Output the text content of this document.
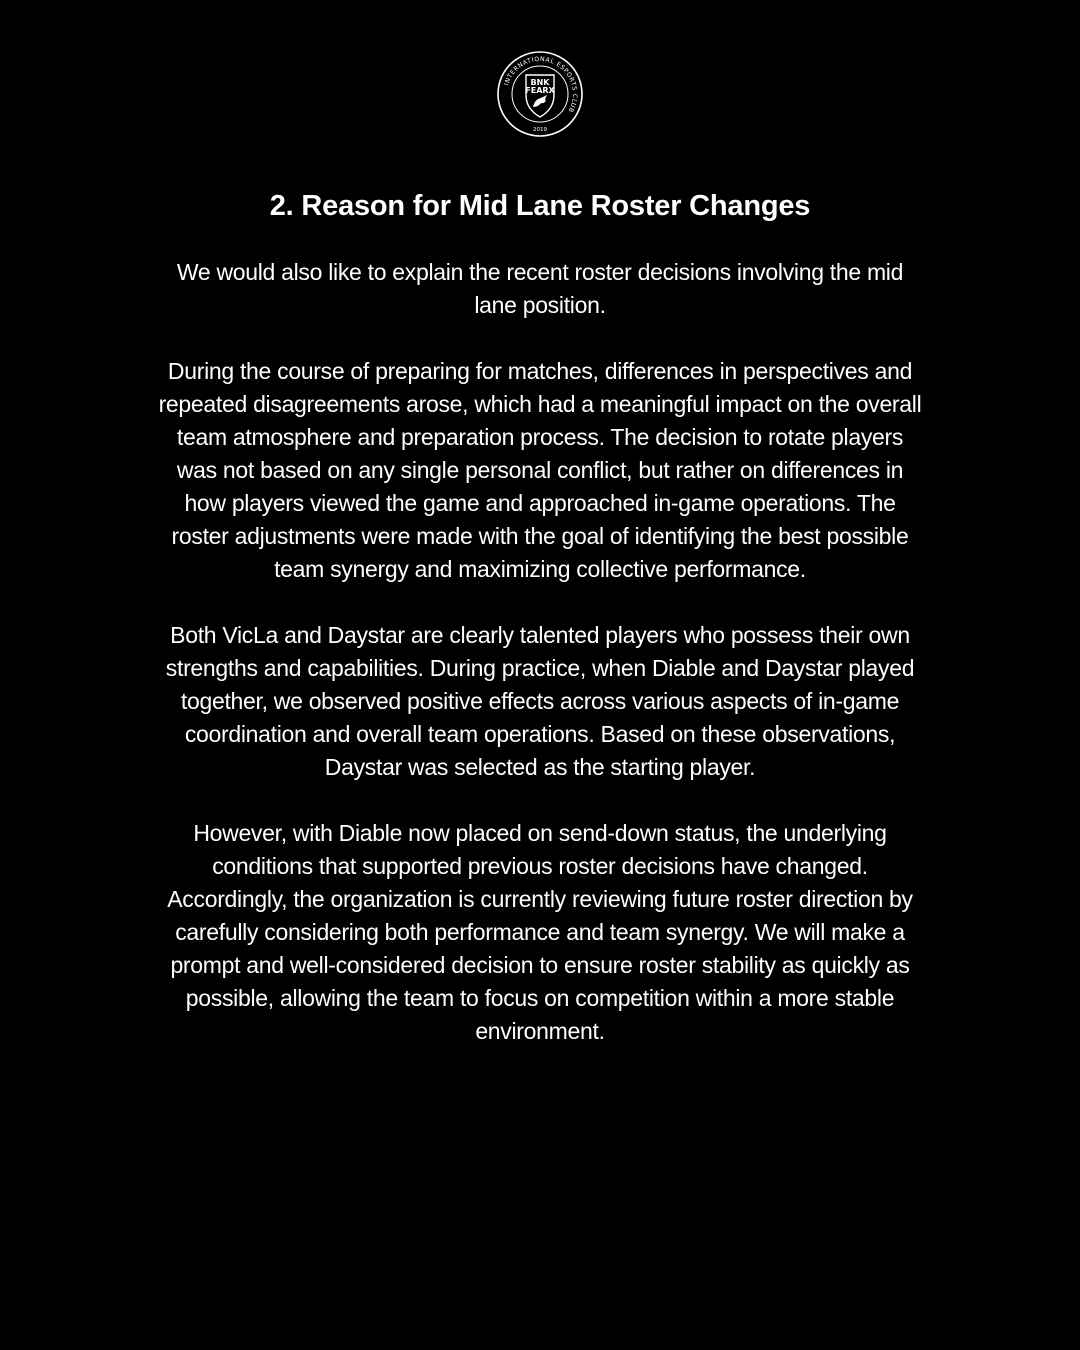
INTERNATIONAL ESPORTS CLUB
BNK
FEARX
2019
2. Reason for Mid Lane Roster Changes

We would also like to explain the recent roster decisions involving the mid
lane position.

During the course of preparing for matches, differences in perspectives and
repeated disagreements arose, which had a meaningful impact on the overall
team atmosphere and preparation process. The decision to rotate players
was not based on any single personal conflict, but rather on differences in
how players viewed the game and approached in-game operations. The
roster adjustments were made with the goal of identifying the best possible
team synergy and maximizing collective performance.

Both VicLa and Daystar are clearly talented players who possess their own
strengths and capabilities. During practice, when Diable and Daystar played
together, we observed positive effects across various aspects of in-game
coordination and overall team operations. Based on these observations,
Daystar was selected as the starting player.

However, with Diable now placed on send-down status, the underlying
conditions that supported previous roster decisions have changed.
Accordingly, the organization is currently reviewing future roster direction by
carefully considering both performance and team synergy. We will make a
prompt and well-considered decision to ensure roster stability as quickly as
possible, allowing the team to focus on competition within a more stable
environment.
